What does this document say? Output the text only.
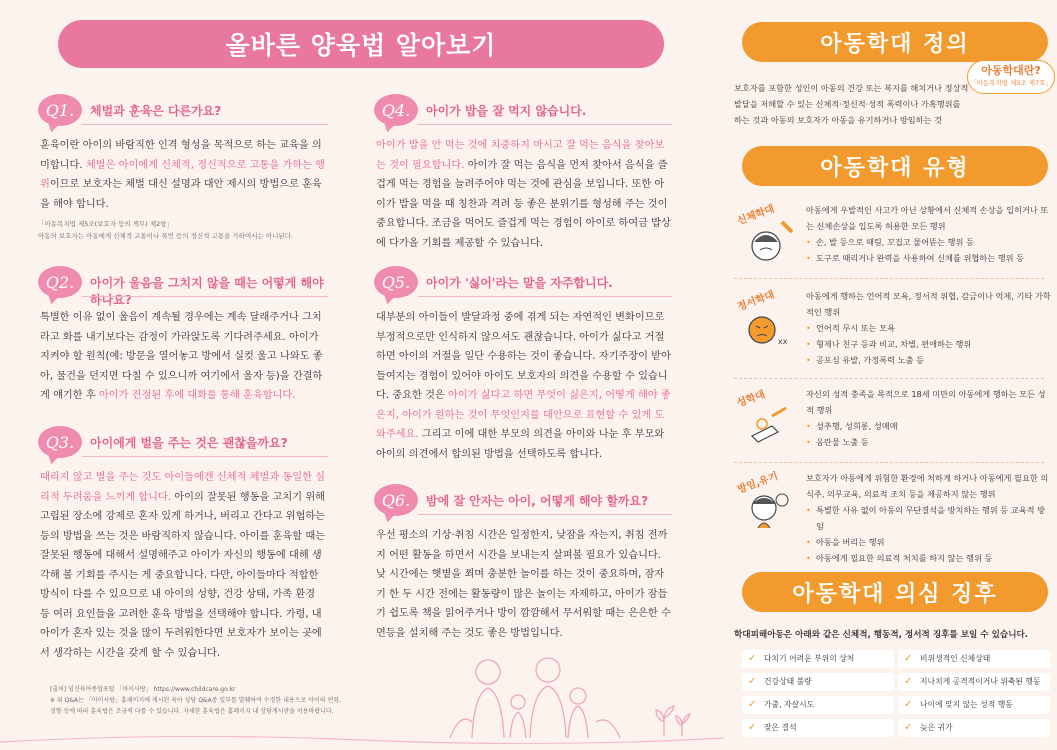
올바른 양육법 알아보기
Q1.	체벌과 훈육은 다른가요?
훈육이란 아이의 바람직한 인격 형성을 목적으로 하는 교육을 의미합니다. 체벌은 아이에게 신체적, 정신적으로 고통을 가하는 행위이므로 보호자는 체벌 대신 설명과 대안 제시의 방법으로 훈육을 해야 합니다.
「아동복지법 제5조(보호자 등의 책무) 제2항」
아동의 보호자는 아동에게 신체적 고통이나 폭언 등의 정신적 고통을 가하여서는 아니된다.
Q2.	아이가 울음을 그치지 않을 때는 어떻게 해야 하나요?
특별한 이유 없이 울음이 계속될 경우에는 계속 달래주거나 그치라고 화를 내기보다는 감정이 가라앉도록 기다려주세요. 아이가 지켜야 할 원칙(예: 방문을 열어놓고 방에서 실컷 울고 나와도 좋아, 물건을 던지면 다칠 수 있으니까 여기에서 울자 등)을 간결하게 얘기한 후 아이가 진정된 후에 대화를 통해 훈육합니다.
Q3.	아이에게 벌을 주는 것은 괜찮을까요?
때리지 않고 벌을 주는 것도 아이들에겐 신체적 체벌과 동일한 심리적 두려움을 느끼게 합니다. 아이의 잘못된 행동을 고치기 위해 고립된 장소에 강제로 혼자 있게 하거나, 버리고 간다고 위협하는 등의 방법을 쓰는 것은 바람직하지 않습니다. 아이를 훈육할 때는 잘못된 행동에 대해서 설명해주고 아이가 자신의 행동에 대해 생각해 볼 기회를 주시는 게 중요합니다. 다만, 아이들마다 적합한 방식이 다를 수 있으므로 내 아이의 성향, 건강 상태, 가족 환경 등 여러 요인들을 고려한 훈육 방법을 선택해야 합니다. 가령, 내 아이가 혼자 있는 것을 많이 두려워한다면 보호자가 보이는 곳에서 생각하는 시간을 갖게 할 수 있습니다.
Q4.	아이가 밥을 잘 먹지 않습니다.
아이가 밥을 안 먹는 것에 치중하지 마시고 잘 먹는 음식을 찾아보는 것이 필요합니다. 아이가 잘 먹는 음식을 먼저 찾아서 음식을 즐겁게 먹는 경험을 늘려주어야 먹는 것에 관심을 보입니다. 또한 아이가 밥을 먹을 때 칭찬과 격려 등 좋은 분위기를 형성해 주는 것이 중요합니다. 조금을 먹어도 즐겁게 먹는 경험이 아이로 하여금 밥상에 다가올 기회를 제공할 수 있습니다.
Q5.	아이가 '싫어'라는 말을 자주합니다.
대부분의 아이들이 발달과정 중에 겪게 되는 자연적인 변화이므로 부정적으로만 인식하지 않으셔도 괜찮습니다. 아이가 싫다고 거절하면 아이의 거절을 일단 수용하는 것이 좋습니다. 자기주장이 받아들여지는 경험이 있어야 아이도 보호자의 의견을 수용할 수 있습니다. 중요한 것은 아이가 싫다고 하면 무엇이 싫은지, 어떻게 해야 좋은지, 아이가 원하는 것이 무엇인지를 대안으로 표현할 수 있게 도와주세요. 그리고 이에 대한 부모의 의견을 아이와 나눈 후 부모와 아이의 의견에서 합의된 방법을 선택하도록 합니다.
Q6.	밤에 잘 안자는 아이, 어떻게 해야 할까요?
우선 평소의 기상·취침 시간은 일정한지, 낮잠을 자는지, 취침 전까지 어떤 활동을 하면서 시간을 보내는지 살펴볼 필요가 있습니다. 낮 시간에는 햇볕을 쬐며 충분한 놀이를 하는 것이 중요하며, 잠자기 한 두 시간 전에는 활동량이 많은 놀이는 자제하고, 아이가 잠들기 쉽도록 책을 읽어주거나 방이 깜깜해서 무서워할 때는 은은한 수면등을 설치해 주는 것도 좋은 방법입니다.
[출처] 임신육아종합포털 「아이사랑」 https://www.childcare.go.kr
※ 위 Q&A는 「아이사랑」홈페이지에 게시된 육아 상담 Q&A중 일부를 발췌하여 수정한 내용으로 아이의 연령,
성향 등에 따라 훈육법은 조금씩 다를 수 있습니다. 자세한 훈육법은 홈페이지 내 상담게시판을 이용바랍니다.
아동학대 정의
아동학대란?
「아동복지법 제3조 제7호」
보호자를 포함한 성인이 아동의 건강 또는 복지를 해치거나 정상적 발달을 저해할 수 있는 신체적·정신적·성적 폭력이나 가혹행위를 하는 것과 아동의 보호자가 아동을 유기하거나 방임하는 것
아동학대 유형
신체학대	아동에게 우발적인 사고가 아닌 상황에서 신체적 손상을 입히거나 또는 신체손상을 입도록 허용한 모든 행위
• 손, 발 등으로 때림, 꼬집고 물어뜯는 행위 등
• 도구로 때리거나 완력을 사용하여 신체를 위협하는 행위 등
정서학대
xx
아동에게 행하는 언어적 모욕, 정서적 위협, 감금이나 억제, 기타 가학적인 행위
• 언어적 무시 또는 모욕
• 형제나 친구 등과 비교, 차별, 편애하는 행위
• 공포심 유발, 가정폭력 노출 등
성학대	자신의 성적 충족을 목적으로 18세 미만의 아동에게 행하는 모든 성적 행위
• 성추행, 성희롱, 성매매
• 음란물 노출 등
방임,유기	보호자가 아동에게 위험한 환경에 처하게 하거나 아동에게 필요한 의식주, 의무교육, 의료적 조치 등을 제공하지 않는 행위
• 특별한 사유 없이 아동의 무단결석을 방치하는 행위 등 교육적 방임
• 아동을 버리는 행위
• 아동에게 필요한 의료적 처치를 하지 않는 행위 등
아동학대 의심 징후
학대피해아동은 아래와 같은 신체적, 행동적, 정서적 징후를 보일 수 있습니다.
✓ 다치기 어려운 부위의 상처	✓ 비위생적인 신체상태
✓ 건강상태 불량	✓ 지나치게 공격적이거나 위축된 행동
✓ 가출, 자살시도	✓ 나이에 맞지 않는 성적 행동
✓ 잦은 결석	✓ 늦은 귀가
